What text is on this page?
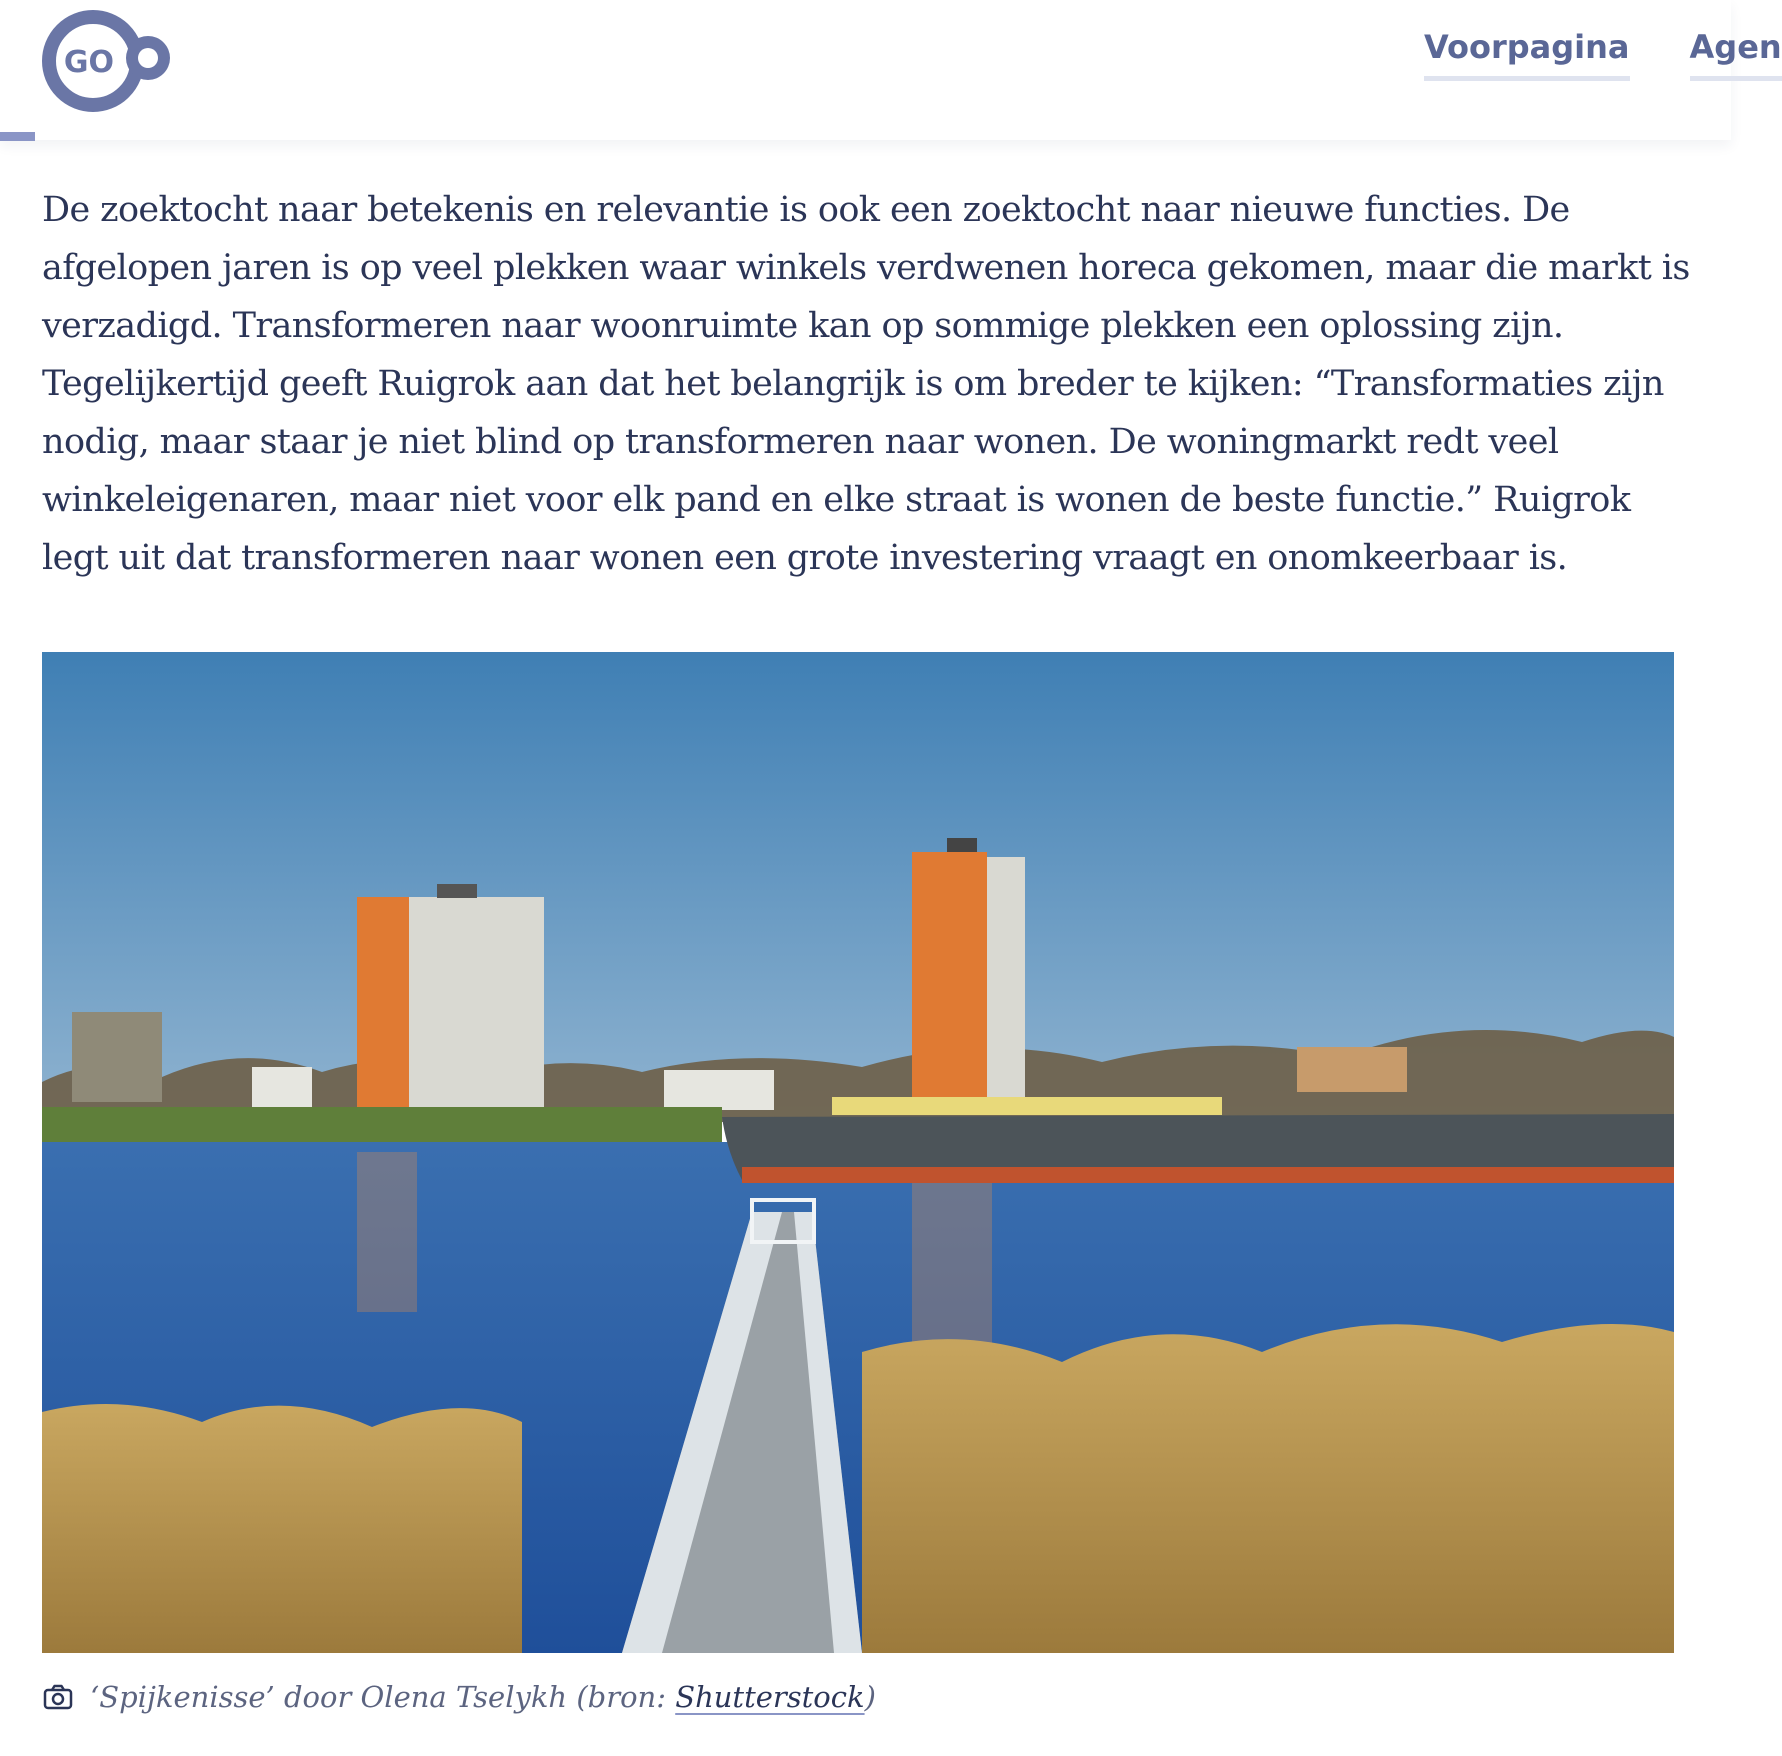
GO	Voorpagina Agen

De zoektocht naar betekenis en relevantie is ook een zoektocht naar nieuwe functies. De afgelopen jaren is op veel plekken waar winkels verdwenen horeca gekomen, maar die markt is verzadigd. Transformeren naar woonruimte kan op sommige plekken een oplossing zijn. Tegelijkertijd geeft Ruigrok aan dat het belangrijk is om breder te kijken: “Transformaties zijn nodig, maar staar je niet blind op transformeren naar wonen. De woningmarkt redt veel winkeleigenaren, maar niet voor elk pand en elke straat is wonen de beste functie.” Ruigrok legt uit dat transformeren naar wonen een grote investering vraagt en onomkeerbaar is.

‘Spijkenisse’ door Olena Tselykh (bron: Shutterstock)
